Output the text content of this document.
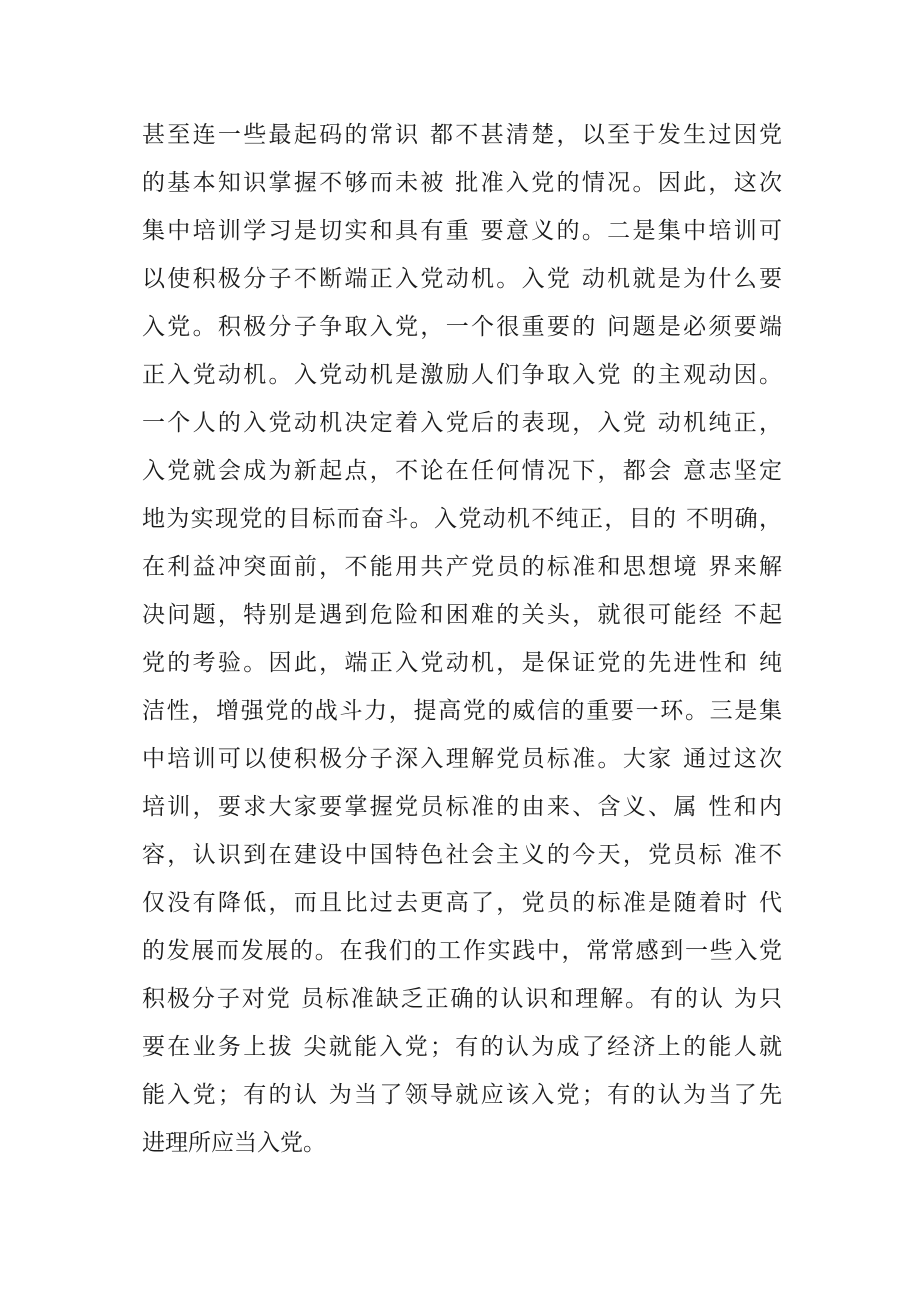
甚至连一些最起码的常识 都不甚清楚，以至于发生过因党
的基本知识掌握不够而未被 批准入党的情况。因此，这次
集中培训学习是切实和具有重 要意义的。二是集中培训可
以使积极分子不断端正入党动机。入党 动机就是为什么要
入党。积极分子争取入党，一个很重要的 问题是必须要端
正入党动机。入党动机是激励人们争取入党 的主观动因。
一个人的入党动机决定着入党后的表现，入党 动机纯正，
入党就会成为新起点，不论在任何情况下，都会 意志坚定
地为实现党的目标而奋斗。入党动机不纯正，目的 不明确，
在利益冲突面前，不能用共产党员的标准和思想境 界来解
决问题，特别是遇到危险和困难的关头，就很可能经 不起
党的考验。因此，端正入党动机，是保证党的先进性和 纯
洁性，增强党的战斗力，提高党的威信的重要一环。三是集
中培训可以使积极分子深入理解党员标准。大家 通过这次
培训，要求大家要掌握党员标准的由来、含义、属 性和内
容，认识到在建设中国特色社会主义的今天，党员标 准不
仅没有降低，而且比过去更高了，党员的标准是随着时 代
的发展而发展的。在我们的工作实践中，常常感到一些入党
积极分子对党 员标准缺乏正确的认识和理解。有的认 为只
要在业务上拔 尖就能入党；有的认为成了经济上的能人就
能入党；有的认 为当了领导就应该入党；有的认为当了先
进理所应当入党。
